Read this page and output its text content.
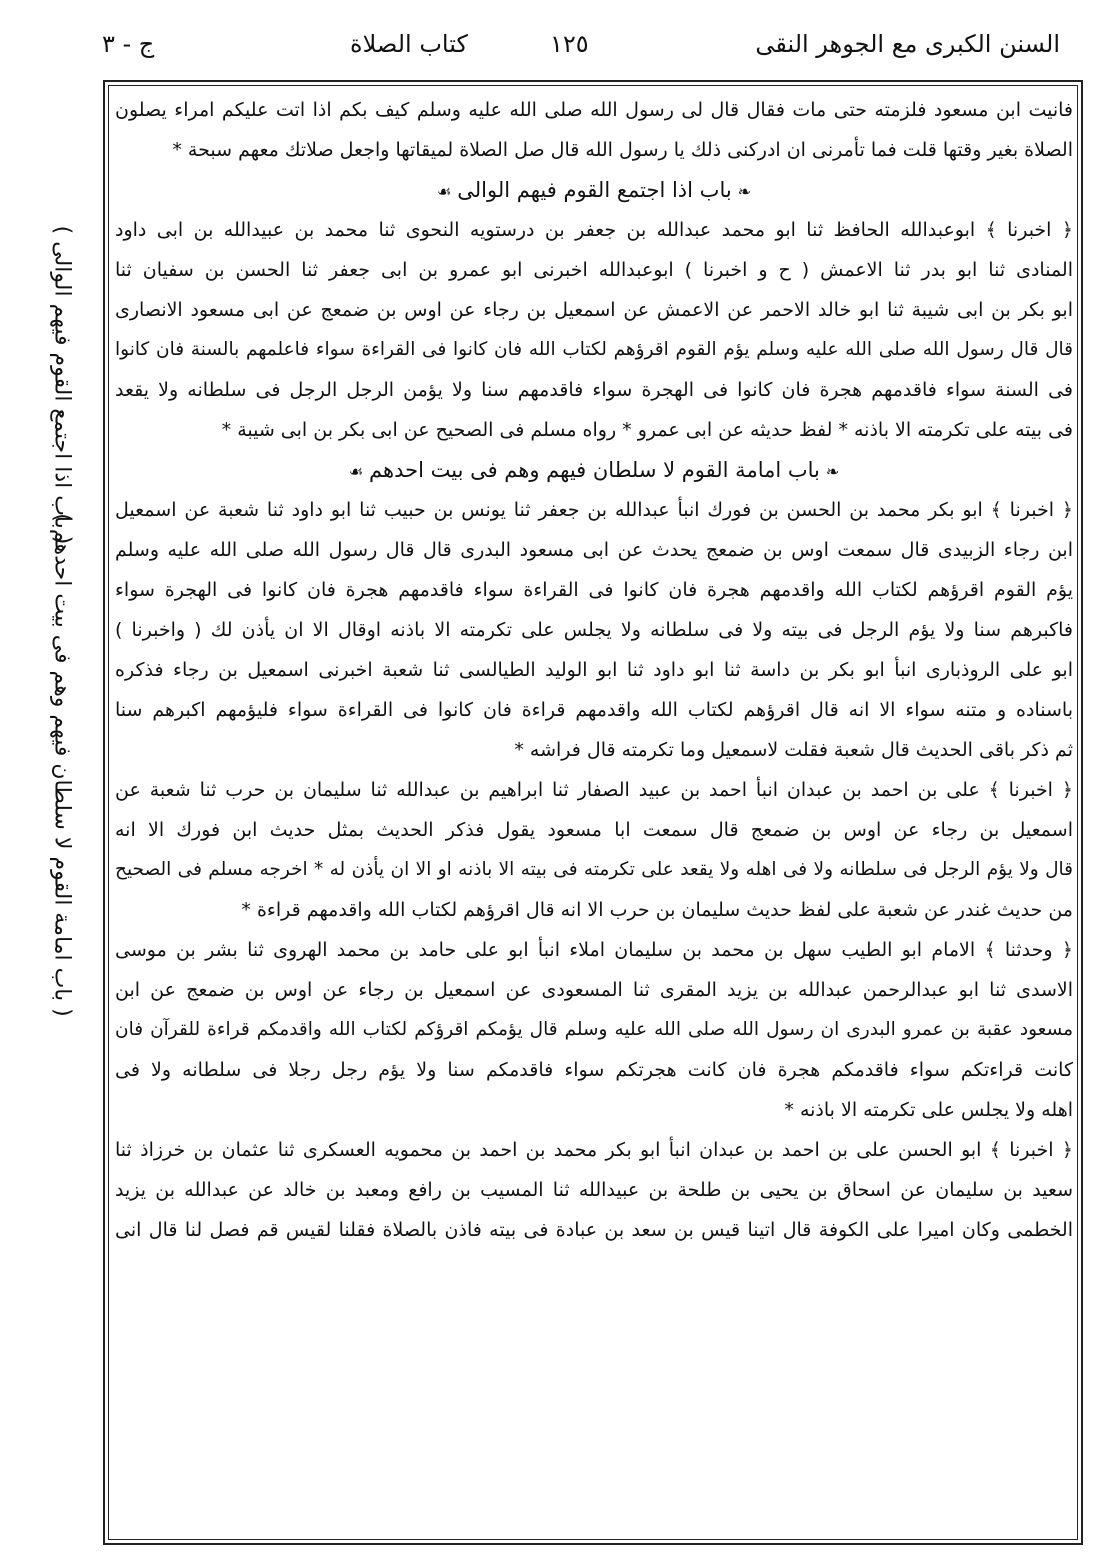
السنن الكبرى مع الجوهر النقى
١٢٥
كتاب الصلاة
ج - ٣
( باب اذا اجتمع القوم فيهم الوالى )
( باب امامة القوم لا سلطان فيهم وهم فى بيت احدهم )
فانيت ابن مسعود فلزمته حتى مات فقال قال لى رسول الله صلى الله عليه وسلم كيف بكم اذا اتت عليكم امراء يصلون
الصلاة بغير وقتها قلت فما تأمرنى ان ادركنى ذلك يا رسول الله قال صل الصلاة لميقاتها واجعل صلاتك معهم سبحة *
❧باب اذا اجتمع القوم فيهم الوالى☙
﴿ اخبرنا ﴾ ابوعبدالله الحافظ ثنا ابو محمد عبدالله بن جعفر بن درستويه النحوى ثنا محمد بن عبيدالله بن ابى داود
المنادى ثنا ابو بدر ثنا الاعمش ( ح و اخبرنا ) ابوعبدالله اخبرنى ابو عمرو بن ابى جعفر ثنا الحسن بن سفيان ثنا
ابو بكر بن ابى شيبة ثنا ابو خالد الاحمر عن الاعمش عن اسمعيل بن رجاء عن اوس بن ضمعج عن ابى مسعود الانصارى
قال قال رسول الله صلى الله عليه وسلم يؤم القوم اقرؤهم لكتاب الله فان كانوا فى القراءة سواء فاعلمهم بالسنة فان كانوا
فى السنة سواء فاقدمهم هجرة فان كانوا فى الهجرة سواء فاقدمهم سنا ولا يؤمن الرجل الرجل فى سلطانه ولا يقعد
فى بيته على تكرمته الا باذنه * لفظ حديثه عن ابى عمرو * رواه مسلم فى الصحيح عن ابى بكر بن ابى شيبة *
❧باب امامة القوم لا سلطان فيهم وهم فى بيت احدهم☙
﴿ اخبرنا ﴾ ابو بكر محمد بن الحسن بن فورك انبأ عبدالله بن جعفر ثنا يونس بن حبيب ثنا ابو داود ثنا شعبة عن اسمعيل
ابن رجاء الزبيدى قال سمعت اوس بن ضمعج يحدث عن ابى مسعود البدرى قال قال رسول الله صلى الله عليه وسلم
يؤم القوم اقرؤهم لكتاب الله واقدمهم هجرة فان كانوا فى القراءة سواء فاقدمهم هجرة فان كانوا فى الهجرة سواء
فاكبرهم سنا ولا يؤم الرجل فى بيته ولا فى سلطانه ولا يجلس على تكرمته الا باذنه اوقال الا ان يأذن لك ( واخبرنا )
ابو على الروذبارى انبأ ابو بكر بن داسة ثنا ابو داود ثنا ابو الوليد الطيالسى ثنا شعبة اخبرنى اسمعيل بن رجاء فذكره
باسناده و متنه سواء الا انه قال اقرؤهم لكتاب الله واقدمهم قراءة فان كانوا فى القراءة سواء فليؤمهم اكبرهم سنا
ثم ذكر باقى الحديث قال شعبة فقلت لاسمعيل وما تكرمته قال فراشه *
﴿ اخبرنا ﴾ على بن احمد بن عبدان انبأ احمد بن عبيد الصفار ثنا ابراهيم بن عبدالله ثنا سليمان بن حرب ثنا شعبة عن
اسمعيل بن رجاء عن اوس بن ضمعج قال سمعت ابا مسعود يقول فذكر الحديث بمثل حديث ابن فورك الا انه
قال ولا يؤم الرجل فى سلطانه ولا فى اهله ولا يقعد على تكرمته فى بيته الا باذنه او الا ان يأذن له * اخرجه مسلم فى الصحيح
من حديث غندر عن شعبة على لفظ حديث سليمان بن حرب الا انه قال اقرؤهم لكتاب الله واقدمهم قراءة *
﴿ وحدثنا ﴾ الامام ابو الطيب سهل بن محمد بن سليمان املاء انبأ ابو على حامد بن محمد الهروى ثنا بشر بن موسى
الاسدى ثنا ابو عبدالرحمن عبدالله بن يزيد المقرى ثنا المسعودى عن اسمعيل بن رجاء عن اوس بن ضمعج عن ابن
مسعود عقبة بن عمرو البدرى ان رسول الله صلى الله عليه وسلم قال يؤمكم اقرؤكم لكتاب الله واقدمكم قراءة للقرآن فان
كانت قراءتكم سواء فاقدمكم هجرة فان كانت هجرتكم سواء فاقدمكم سنا ولا يؤم رجل رجلا فى سلطانه ولا فى
اهله ولا يجلس على تكرمته الا باذنه *
﴿ اخبرنا ﴾ ابو الحسن على بن احمد بن عبدان انبأ ابو بكر محمد بن احمد بن محمويه العسكرى ثنا عثمان بن خرزاذ ثنا
سعيد بن سليمان عن اسحاق بن يحيى بن طلحة بن عبيدالله ثنا المسيب بن رافع ومعبد بن خالد عن عبدالله بن يزيد
الخطمى وكان اميرا على الكوفة قال اتينا قيس بن سعد بن عبادة فى بيته فاذن بالصلاة فقلنا لقيس قم فصل لنا قال انى
